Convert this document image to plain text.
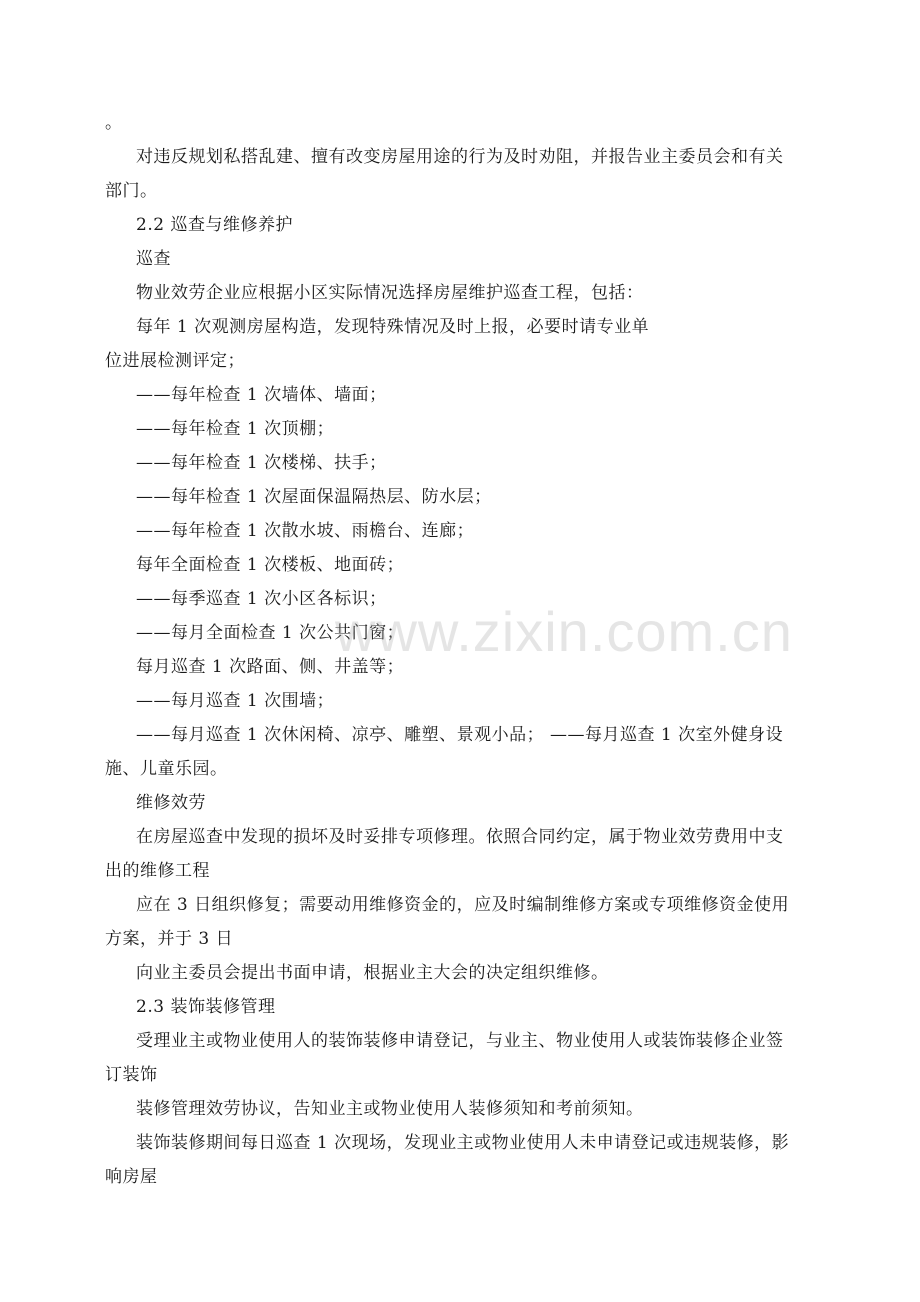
。
对违反规划私搭乱建、擅有改变房屋用途的行为及时劝阻，并报告业主委员会和有关
部门。
2.2 巡查与维修养护
巡查
物业效劳企业应根据小区实际情况选择房屋维护巡查工程，包括：
每年 1 次观测房屋构造，发现特殊情况及时上报，必要时请专业单
位进展检测评定；
——每年检查 1 次墙体、墙面；
——每年检查 1 次顶棚；
——每年检查 1 次楼梯、扶手；
——每年检查 1 次屋面保温隔热层、防水层；
——每年检查 1 次散水坡、雨檐台、连廊；
每年全面检查 1 次楼板、地面砖；
——每季巡查 1 次小区各标识；
——每月全面检查 1 次公共门窗；
每月巡查 1 次路面、侧、井盖等；
——每月巡查 1 次围墙；
——每月巡查 1 次休闲椅、凉亭、雕塑、景观小品； ——每月巡查 1 次室外健身设
施、儿童乐园。
维修效劳
在房屋巡查中发现的损坏及时妥排专项修理。依照合同约定，属于物业效劳费用中支
出的维修工程
应在 3 日组织修复；需要动用维修资金的，应及时编制维修方案或专项维修资金使用
方案，并于 3 日
向业主委员会提出书面申请，根据业主大会的决定组织维修。
2.3 装饰装修管理
受理业主或物业使用人的装饰装修申请登记，与业主、物业使用人或装饰装修企业签
订装饰
装修管理效劳协议，告知业主或物业使用人装修须知和考前须知。
装饰装修期间每日巡查 1 次现场，发现业主或物业使用人未申请登记或违规装修，影
响房屋
www.zixin.com.cn
